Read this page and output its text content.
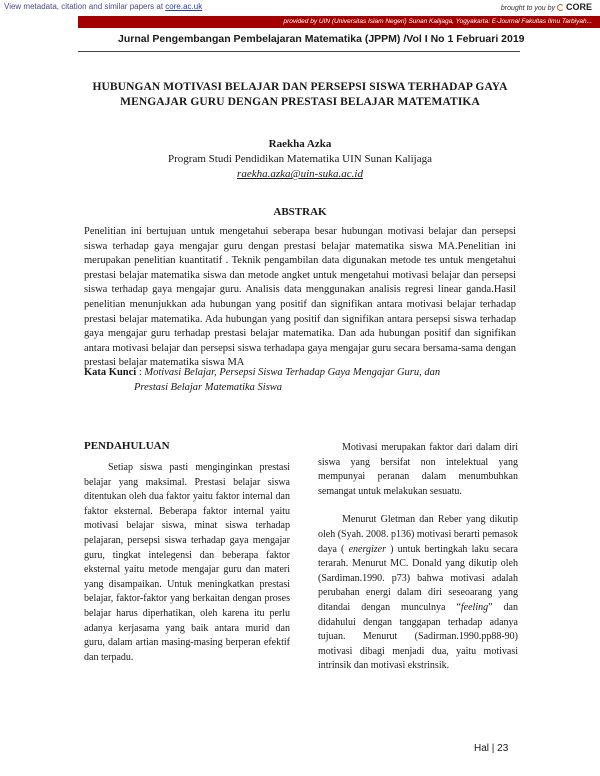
View metadata, citation and similar papers at core.ac.uk	brought to you by CORE
provided by UIN (Universitas Islam Negeri) Sunan Kalijaga, Yogyakarta: E-Journal Fakultas Ilmu Tarbiyah...
Jurnal Pengembangan Pembelajaran Matematika (JPPM) /Vol I No 1 Februari 2019
HUBUNGAN MOTIVASI BELAJAR DAN PERSEPSI SISWA TERHADAP GAYA
MENGAJAR GURU DENGAN PRESTASI BELAJAR MATEMATIKA
Raekha Azka
Program Studi Pendidikan Matematika UIN Sunan Kalijaga
raekha.azka@uin-suka.ac.id
ABSTRAK
Penelitian ini bertujuan untuk mengetahui seberapa besar hubungan motivasi belajar dan persepsi siswa terhadap gaya mengajar guru dengan prestasi belajar matematika siswa MA.Penelitian ini merupakan penelitian kuantitatif . Teknik pengambilan data digunakan metode tes untuk mengetahui prestasi belajar matematika siswa dan metode angket untuk mengetahui motivasi belajar dan persepsi siswa terhadap gaya mengajar guru. Analisis data menggunakan analisis regresi linear ganda.Hasil penelitian menunjukkan ada hubungan yang positif dan signifikan antara motivasi belajar terhadap prestasi belajar matematika. Ada hubungan yang positif dan signifikan antara persepsi siswa terhadap gaya mengajar guru terhadap prestasi belajar matematika. Dan ada hubungan positif dan signifikan antara motivasi belajar dan persepsi siswa terhadapa gaya mengajar guru secara bersama-sama dengan prestasi belajar matematika siswa MA
Kata Kunci : Motivasi Belajar, Persepsi Siswa Terhadap Gaya Mengajar Guru, dan
Prestasi Belajar Matematika Siswa
PENDAHULUAN

Setiap siswa pasti menginginkan prestasi belajar yang maksimal. Prestasi belajar siswa ditentukan oleh dua faktor yaitu faktor internal dan faktor eksternal. Beberapa faktor internal yaitu motivasi belajar siswa, minat siswa terhadap pelajaran, persepsi siswa terhadap gaya mengajar guru, tingkat intelegensi dan beberapa faktor eksternal yaitu metode mengajar guru dan materi yang disampaikan. Untuk meningkatkan prestasi belajar, faktor-faktor yang berkaitan dengan proses belajar harus diperhatikan, oleh karena itu perlu adanya kerjasama yang baik antara murid dan guru, dalam artian masing-masing berperan efektif dan terpadu.

Motivasi merupakan faktor dari dalam diri siswa yang bersifat non intelektual yang mempunyai peranan dalam menumbuhkan semangat untuk melakukan sesuatu.

Menurut Gletman dan Reber yang dikutip oleh (Syah. 2008. p136) motivasi berarti pemasok daya ( energizer ) untuk bertingkah laku secara terarah. Menurut MC. Donald yang dikutip oleh (Sardiman.1990. p73) bahwa motivasi adalah perubahan energi dalam diri seseoarang yang ditandai dengan munculnya “feeling” dan didahului dengan tanggapan terhadap adanya tujuan. Menurut (Sadirman.1990.pp88-90) motivasi dibagi menjadi dua, yaitu motivasi intrinsik dan motivasi ekstrinsik.

Hal | 23
